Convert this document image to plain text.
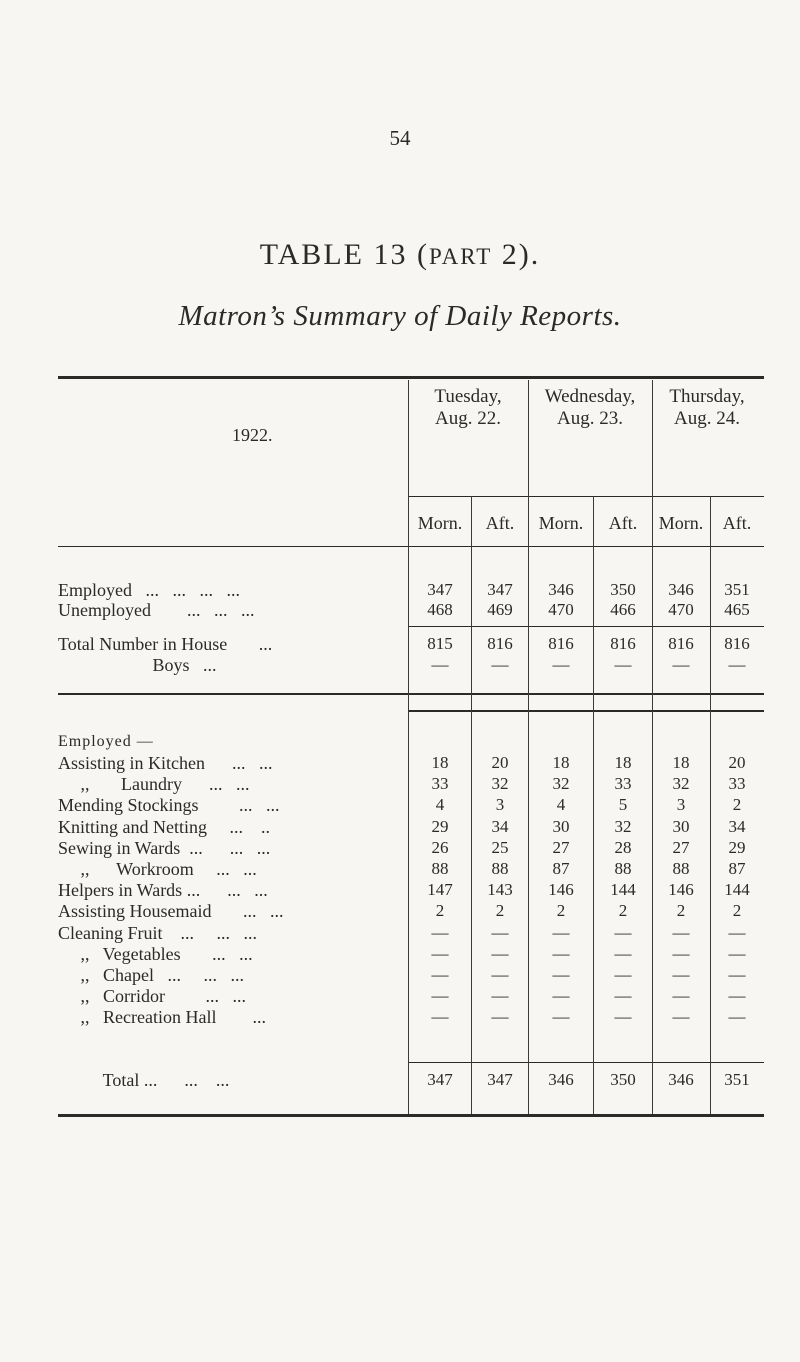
54
TABLE 13 (PART 2).
Matron’s Summary of Daily Reports.
1922.
Tuesday,
Aug. 22.
Wednesday,
Aug. 23.
Thursday,
Aug. 24.
Morn.	Aft.	Morn.	Aft.	Morn.	Aft.
Employed   ...   ...   ...   ...	347	347	346	350	346	351
Unemployed        ...   ...   ...	468	469	470	466	470	465
Total Number in House       ...	815	816	816	816	816	816
Boys   ...	—	—	—	—	—	—
Employed —
Assisting in Kitchen      ...   ...	18	20	18	18	18	20
,,       Laundry      ...   ...	33	32	32	33	32	33
Mending Stockings         ...   ...	4	3	4	5	3	2
Knitting and Netting     ...    ..	29	34	30	32	30	34
Sewing in Wards  ...      ...   ...	26	25	27	28	27	29
,,      Workroom     ...   ...	88	88	87	88	88	87
Helpers in Wards ...      ...   ...	147	143	146	144	146	144
Assisting Housemaid       ...   ...	2	2	2	2	2	2
Cleaning Fruit    ...     ...   ...	—	—	—	—	—	—
,,   Vegetables       ...   ...	—	—	—	—	—	—
,,   Chapel   ...     ...   ...	—	—	—	—	—	—
,,   Corridor         ...   ...	—	—	—	—	—	—
,,   Recreation Hall        ...	—	—	—	—	—	—
Total ...      ...    ...	347	347	346	350	346	351
